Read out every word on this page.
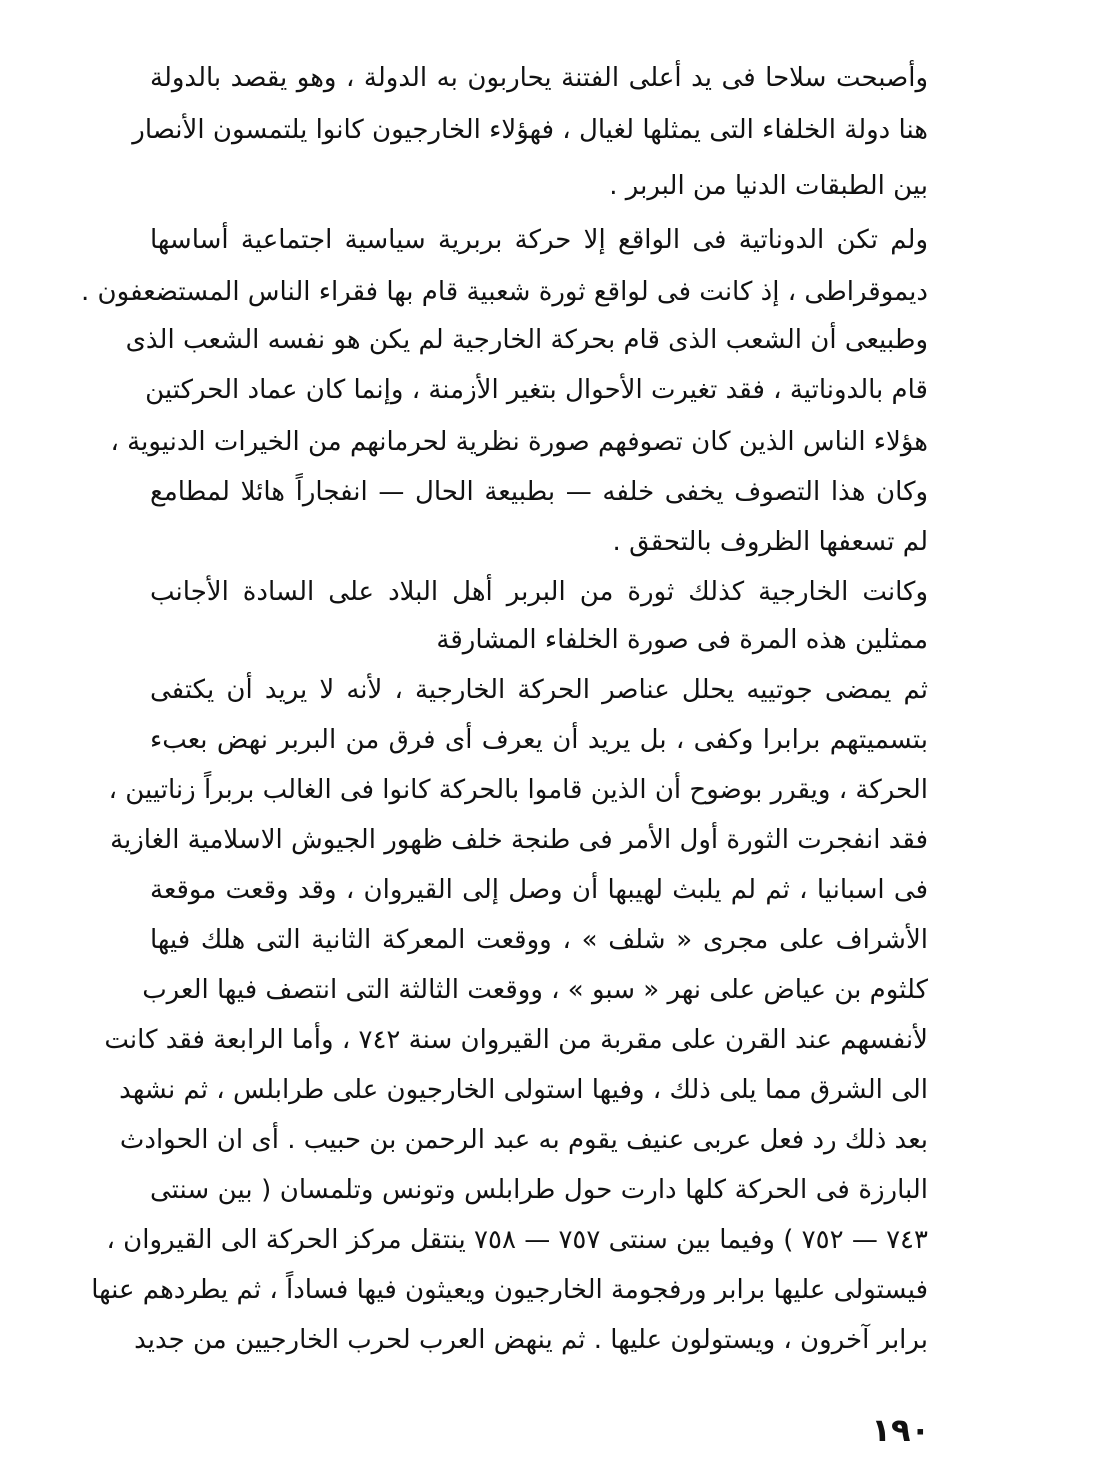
وأصبحت سلاحا فى يد أعلى الفتنة يحاربون به الدولة ، وهو يقصد بالدولة
هنا دولة الخلفاء التى يمثلها لغيال ، فهؤلاء الخارجيون كانوا يلتمسون الأنصار
بين الطبقات الدنيا من البربر .
ولم تكن الدوناتية فى الواقع إلا حركة بربرية سياسية اجتماعية أساسها
ديموقراطى ، إذ كانت فى لواقع ثورة شعبية قام بها فقراء الناس المستضعفون .
وطبيعى أن الشعب الذى قام بحركة الخارجية لم يكن هو نفسه الشعب الذى
قام بالدوناتية ، فقد تغيرت الأحوال بتغير الأزمنة ، وإنما كان عماد الحركتين
هؤلاء الناس الذين كان تصوفهم صورة نظرية لحرمانهم من الخيرات الدنيوية ،
وكان هذا التصوف يخفى خلفه — بطبيعة الحال — انفجاراً هائلا لمطامع
لم تسعفها الظروف بالتحقق .
وكانت الخارجية كذلك ثورة من البربر أهل البلاد على السادة الأجانب
ممثلين هذه المرة فى صورة الخلفاء المشارقة
ثم يمضى جوتييه يحلل عناصر الحركة الخارجية ، لأنه لا يريد أن يكتفى
بتسميتهم برابرا وكفى ، بل يريد أن يعرف أى فرق من البربر نهض بعبء
الحركة ، ويقرر بوضوح أن الذين قاموا بالحركة كانوا فى الغالب بربراً زناتيين ،
فقد انفجرت الثورة أول الأمر فى طنجة خلف ظهور الجيوش الاسلامية الغازية
فى اسبانيا ، ثم لم يلبث لهيبها أن وصل إلى القيروان ، وقد وقعت موقعة
الأشراف على مجرى « شلف » ، ووقعت المعركة الثانية التى هلك فيها
كلثوم بن عياض على نهر « سبو » ، ووقعت الثالثة التى انتصف فيها العرب
لأنفسهم عند القرن على مقربة من القيروان سنة ٧٤٢ ، وأما الرابعة فقد كانت
الى الشرق مما يلى ذلك ، وفيها استولى الخارجيون على طرابلس ، ثم نشهد
بعد ذلك رد فعل عربى عنيف يقوم به عبد الرحمن بن حبيب . أى ان الحوادث
البارزة فى الحركة كلها دارت حول طرابلس وتونس وتلمسان ( بين سنتى
٧٤٣ — ٧٥٢ ) وفيما بين سنتى ٧٥٧ — ٧٥٨ ينتقل مركز الحركة الى القيروان ،
فيستولى عليها برابر ورفجومة الخارجيون ويعيثون فيها فساداً ، ثم يطردهم عنها
برابر آخرون ، ويستولون عليها . ثم ينهض العرب لحرب الخارجيين من جديد
١٩٠
